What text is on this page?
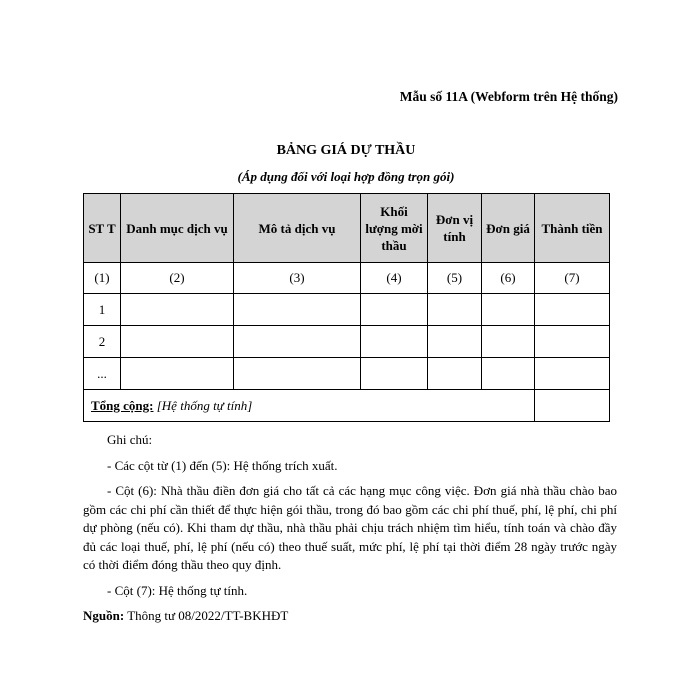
Mẫu số 11A (Webform trên Hệ thống)
BẢNG GIÁ DỰ THẦU
(Áp dụng đối với loại hợp đồng trọn gói)
ST T	Danh mục dịch vụ	Mô tả dịch vụ	Khối lượng mời thầu	Đơn vị tính	Đơn giá	Thành tiền
(1)	(2)	(3)	(4)	(5)	(6)	(7)
1						
2						
...						
Tổng cộng: [Hệ thống tự tính]						

Ghi chú:

- Các cột từ (1) đến (5): Hệ thống trích xuất.

- Cột (6): Nhà thầu điền đơn giá cho tất cả các hạng mục công việc. Đơn giá nhà thầu chào bao gồm các chi phí cần thiết để thực hiện gói thầu, trong đó bao gồm các chi phí thuế, phí, lệ phí, chi phí dự phòng (nếu có). Khi tham dự thầu, nhà thầu phải chịu trách nhiệm tìm hiểu, tính toán và chào đầy đủ các loại thuế, phí, lệ phí (nếu có) theo thuế suất, mức phí, lệ phí tại thời điểm 28 ngày trước ngày có thời điểm đóng thầu theo quy định.

- Cột (7): Hệ thống tự tính.

Nguồn: Thông tư 08/2022/TT-BKHĐT
